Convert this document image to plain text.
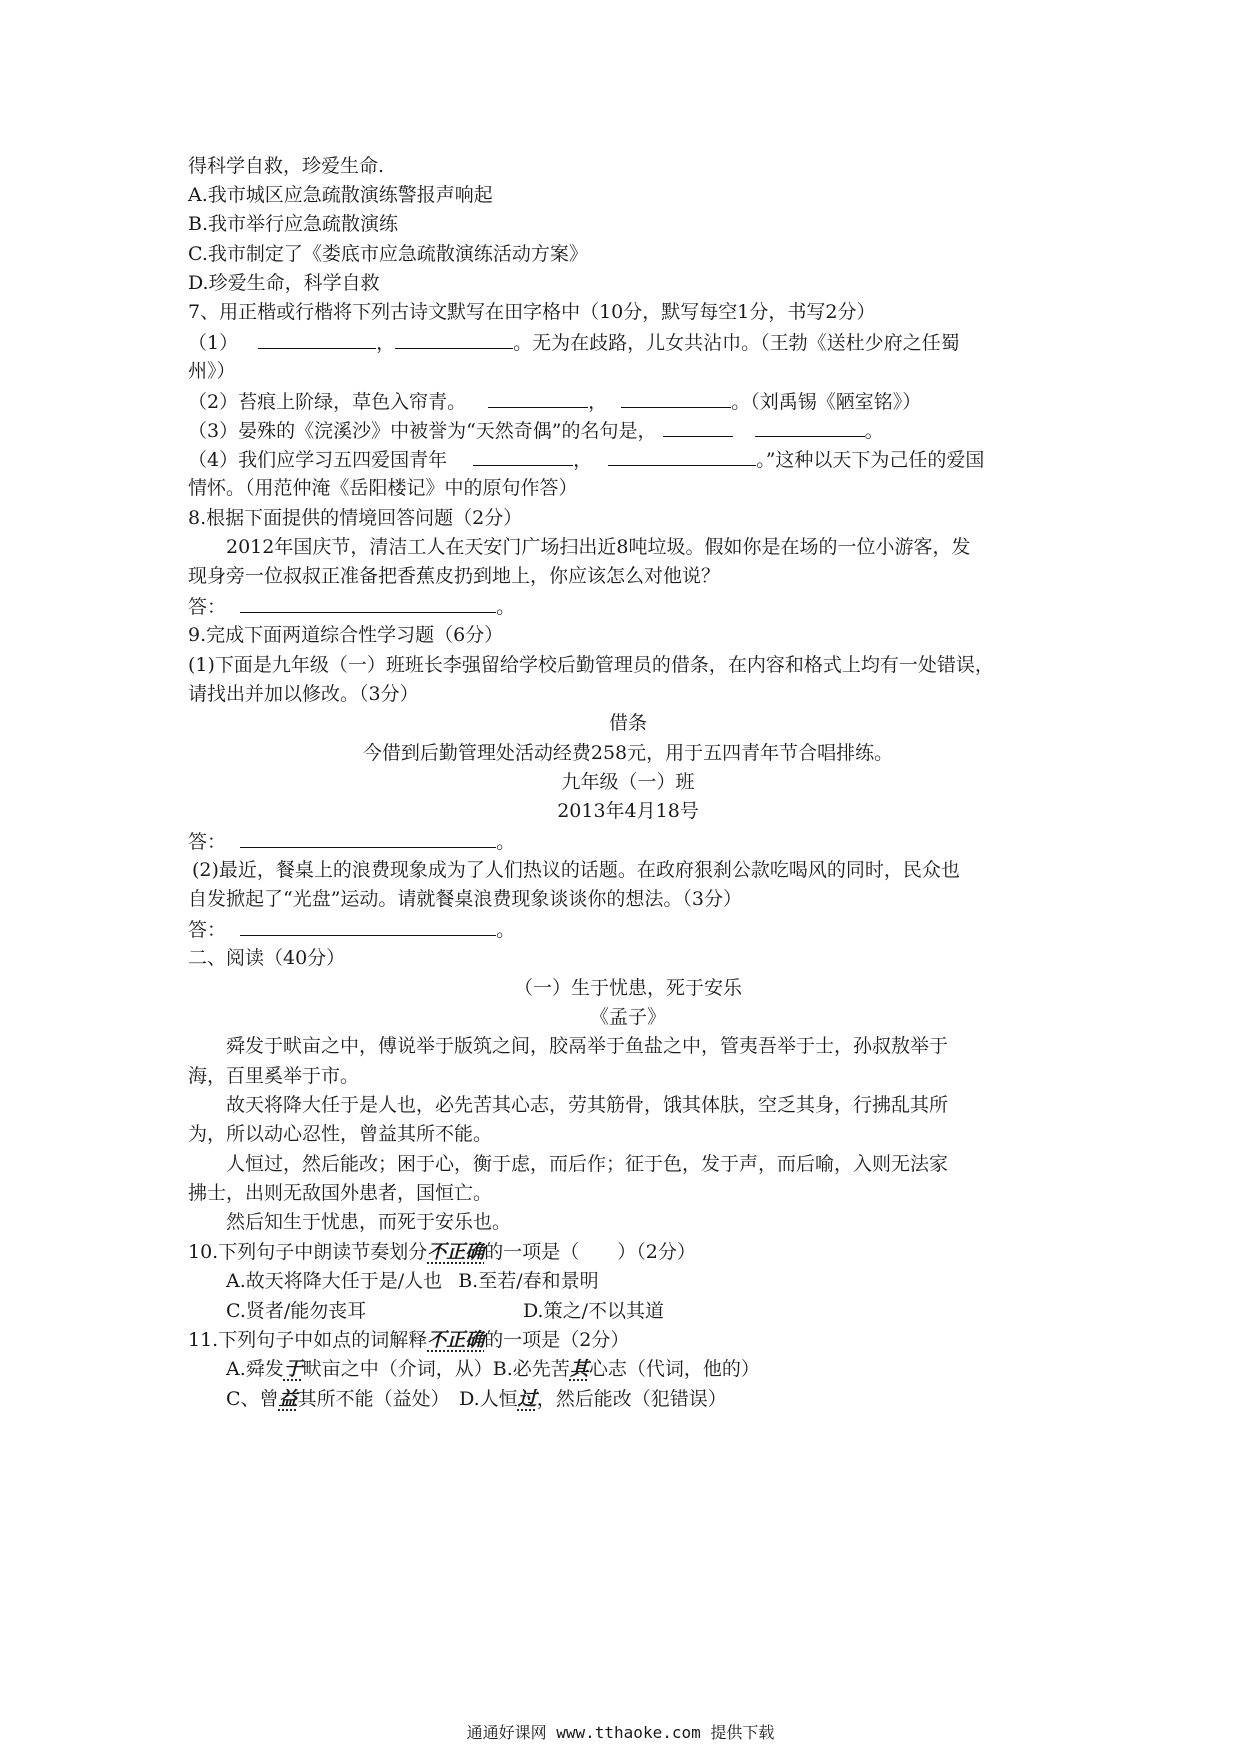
得科学自救，珍爱生命.
A.我市城区应急疏散演练警报声响起
B.我市举行应急疏散演练
C.我市制定了《娄底市应急疏散演练活动方案》
D.珍爱生命，科学自救
7、用正楷或行楷将下列古诗文默写在田字格中（10分，默写每空1分，书写2分）
（1）	，	。无为在歧路，儿女共沾巾。（王勃《送杜少府之任蜀
州》）
（2）苔痕上阶绿，草色入帘青。	，	。（刘禹锡《陋室铭》）
（3）晏殊的《浣溪沙》中被誉为“天然奇偶”的名句是，	。
（4）我们应学习五四爱国青年	，	。”这种以天下为己任的爱国
情怀。（用范仲淹《岳阳楼记》中的原句作答）
8.根据下面提供的情境回答问题（2分）
2012年国庆节，清洁工人在天安门广场扫出近8吨垃圾。假如你是在场的一位小游客，发
现身旁一位叔叔正准备把香蕉皮扔到地上，你应该怎么对他说？
答：	。
9.完成下面两道综合性学习题（6分）
(1)下面是九年级（一）班班长李强留给学校后勤管理员的借条，在内容和格式上均有一处错误，
请找出并加以修改。（3分）
借条
今借到后勤管理处活动经费258元，用于五四青年节合唱排练。
九年级（一）班
2013年4月18号
答：	。
(2)最近，餐桌上的浪费现象成为了人们热议的话题。在政府狠刹公款吃喝风的同时，民众也
自发掀起了“光盘”运动。请就餐桌浪费现象谈谈你的想法。（3分）
答：	。
二、阅读（40分）
（一）生于忧患，死于安乐
《孟子》
舜发于畎亩之中，傅说举于版筑之间，胶鬲举于鱼盐之中，管夷吾举于士，孙叔敖举于
海，百里奚举于市。
故天将降大任于是人也，必先苦其心志，劳其筋骨，饿其体肤，空乏其身，行拂乱其所
为，所以动心忍性，曾益其所不能。
人恒过，然后能改；困于心，衡于虑，而后作；征于色，发于声，而后喻，入则无法家
拂士，出则无敌国外患者，国恒亡。
然后知生于忧患，而死于安乐也。
10.下列句子中朗读节奏划分不正确的一项是（　　）（2分）
A.故天将降大任于是/人也 B.至若/春和景明
C.贤者/能勿丧耳	D.策之/不以其道
11.下列句子中如点的词解释不正确的一项是（2分）
A.舜发于畎亩之中（介词，从）B.必先苦其心志（代词，他的）
C、曾益其所不能（益处）　D.人恒过，然后能改（犯错误）
通通好课网 www.tthaoke.com 提供下载
